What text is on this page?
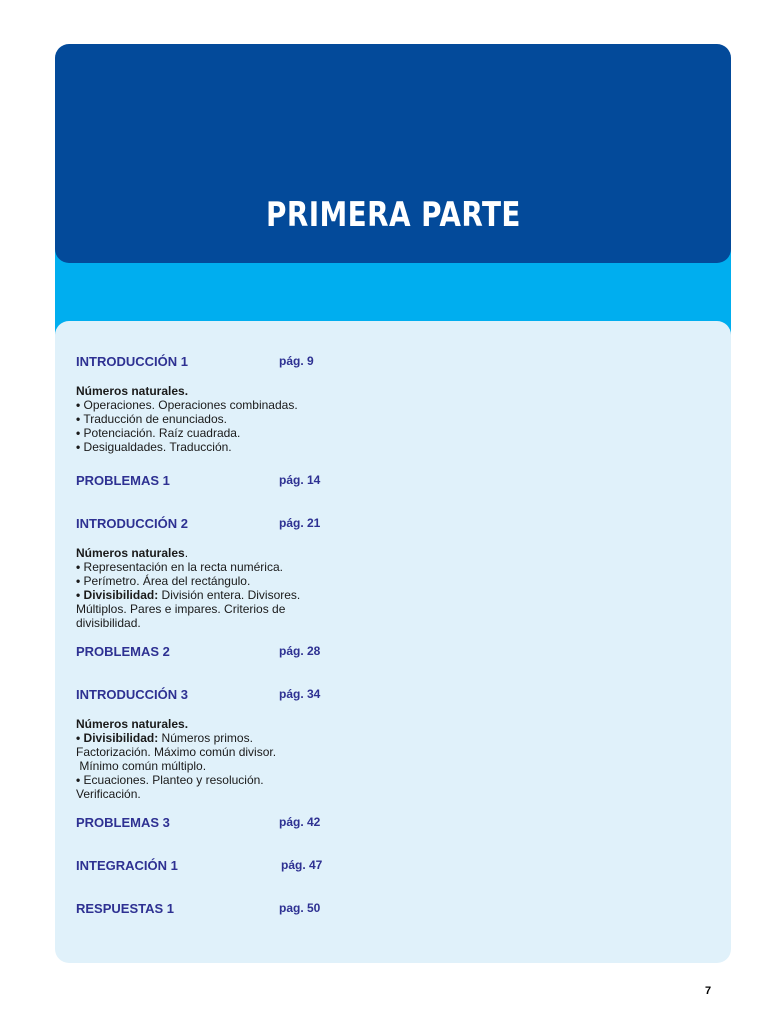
PRIMERA PARTE
INTRODUCCIÓN 1	pág. 9
Números naturales.
• Operaciones. Operaciones combinadas.
• Traducción de enunciados.
• Potenciación. Raíz cuadrada.
• Desigualdades. Traducción.
PROBLEMAS 1	pág. 14
INTRODUCCIÓN 2	pág. 21
Números naturales.
• Representación en la recta numérica.
• Perímetro. Área del rectángulo.
• Divisibilidad: División entera. Divisores.
Múltiplos. Pares e impares. Criterios de
divisibilidad.
PROBLEMAS 2	pág. 28
INTRODUCCIÓN 3	pág. 34
Números naturales.
• Divisibilidad: Números primos.
Factorización. Máximo común divisor.
Mínimo común múltiplo.
• Ecuaciones. Planteo y resolución.
Verificación.
PROBLEMAS 3	pág. 42
INTEGRACIÓN 1	pág. 47
RESPUESTAS 1	pag. 50
7
